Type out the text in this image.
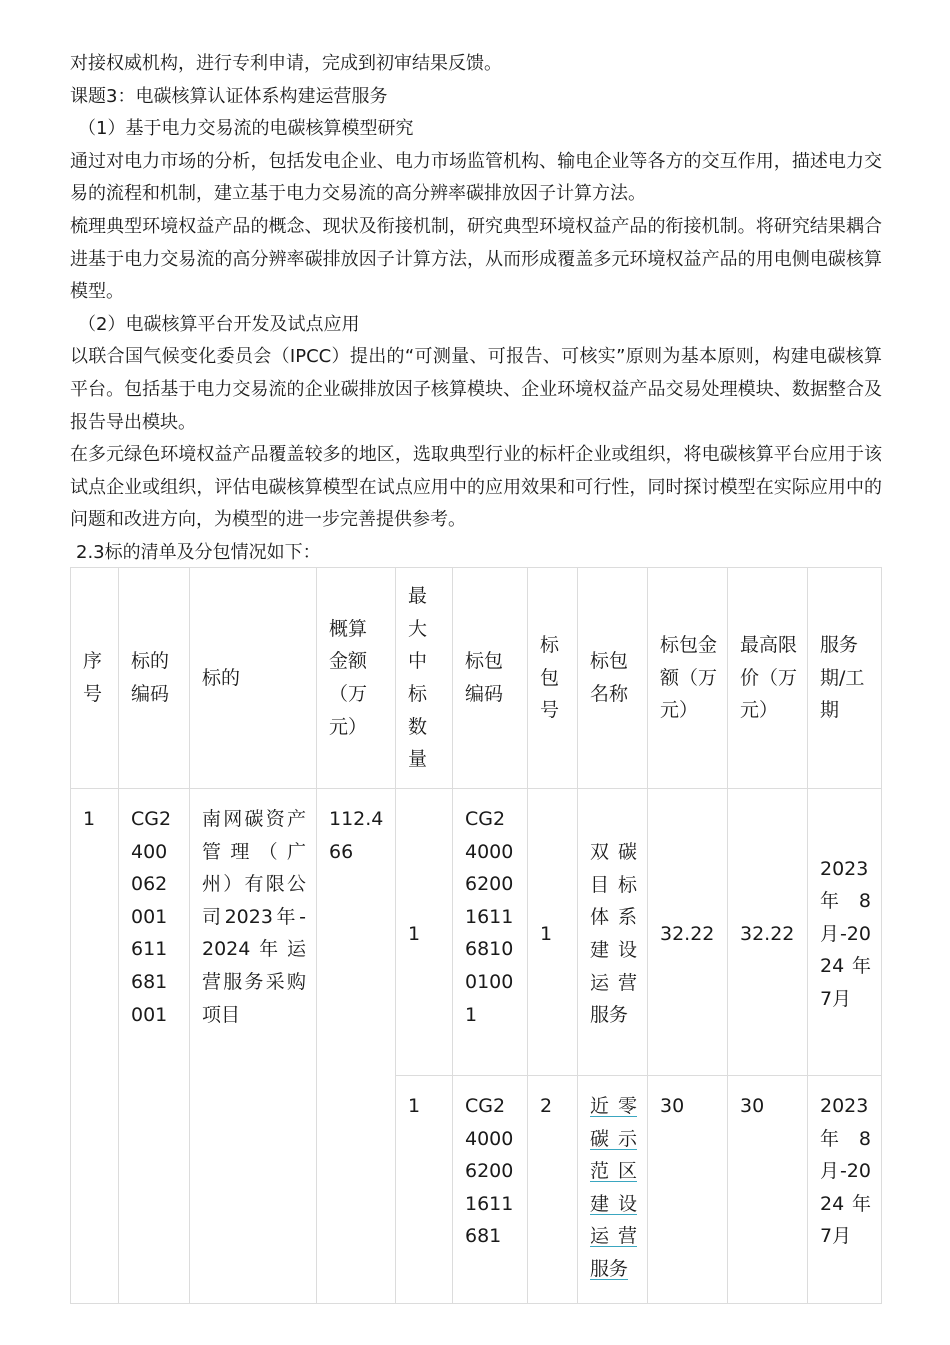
对接权威机构，进行专利申请，完成到初审结果反馈。

课题3：电碳核算认证体系构建运营服务

（1）基于电力交易流的电碳核算模型研究

通过对电力市场的分析，包括发电企业、电力市场监管机构、输电企业等各方的交互作用，描述电力交易的流程和机制，建立基于电力交易流的高分辨率碳排放因子计算方法。

梳理典型环境权益产品的概念、现状及衔接机制，研究典型环境权益产品的衔接机制。将研究结果耦合进基于电力交易流的高分辨率碳排放因子计算方法，从而形成覆盖多元环境权益产品的用电侧电碳核算模型。

（2）电碳核算平台开发及试点应用

以联合国气候变化委员会（IPCC）提出的“可测量、可报告、可核实”原则为基本原则，构建电碳核算平台。包括基于电力交易流的企业碳排放因子核算模块、企业环境权益产品交易处理模块、数据整合及报告导出模块。

在多元绿色环境权益产品覆盖较多的地区，选取典型行业的标杆企业或组织，将电碳核算平台应用于该试点企业或组织，评估电碳核算模型在试点应用中的应用效果和可行性，同时探讨模型在实际应用中的问题和改进方向，为模型的进一步完善提供参考。

2.3标的清单及分包情况如下：

序号	标的编码	标的	概算金额（万元）	最大中标数量	标包编码	标包号	标包名称	标包金额（万元）	最高限价（万元）	服务期/工期
1	CG2400062001611681001	南网碳资产管理（广州）有限公司2023年-2024年运营服务采购项目	112.466	1	CG2400062001611681001001	1	双碳目标体系建设运营服务	32.22	32.22	2023年8月-2024年7月
				1	CG2400062001611681	2	近零碳示范区建设运营服务	30	30	2023年8月-2024年7月
